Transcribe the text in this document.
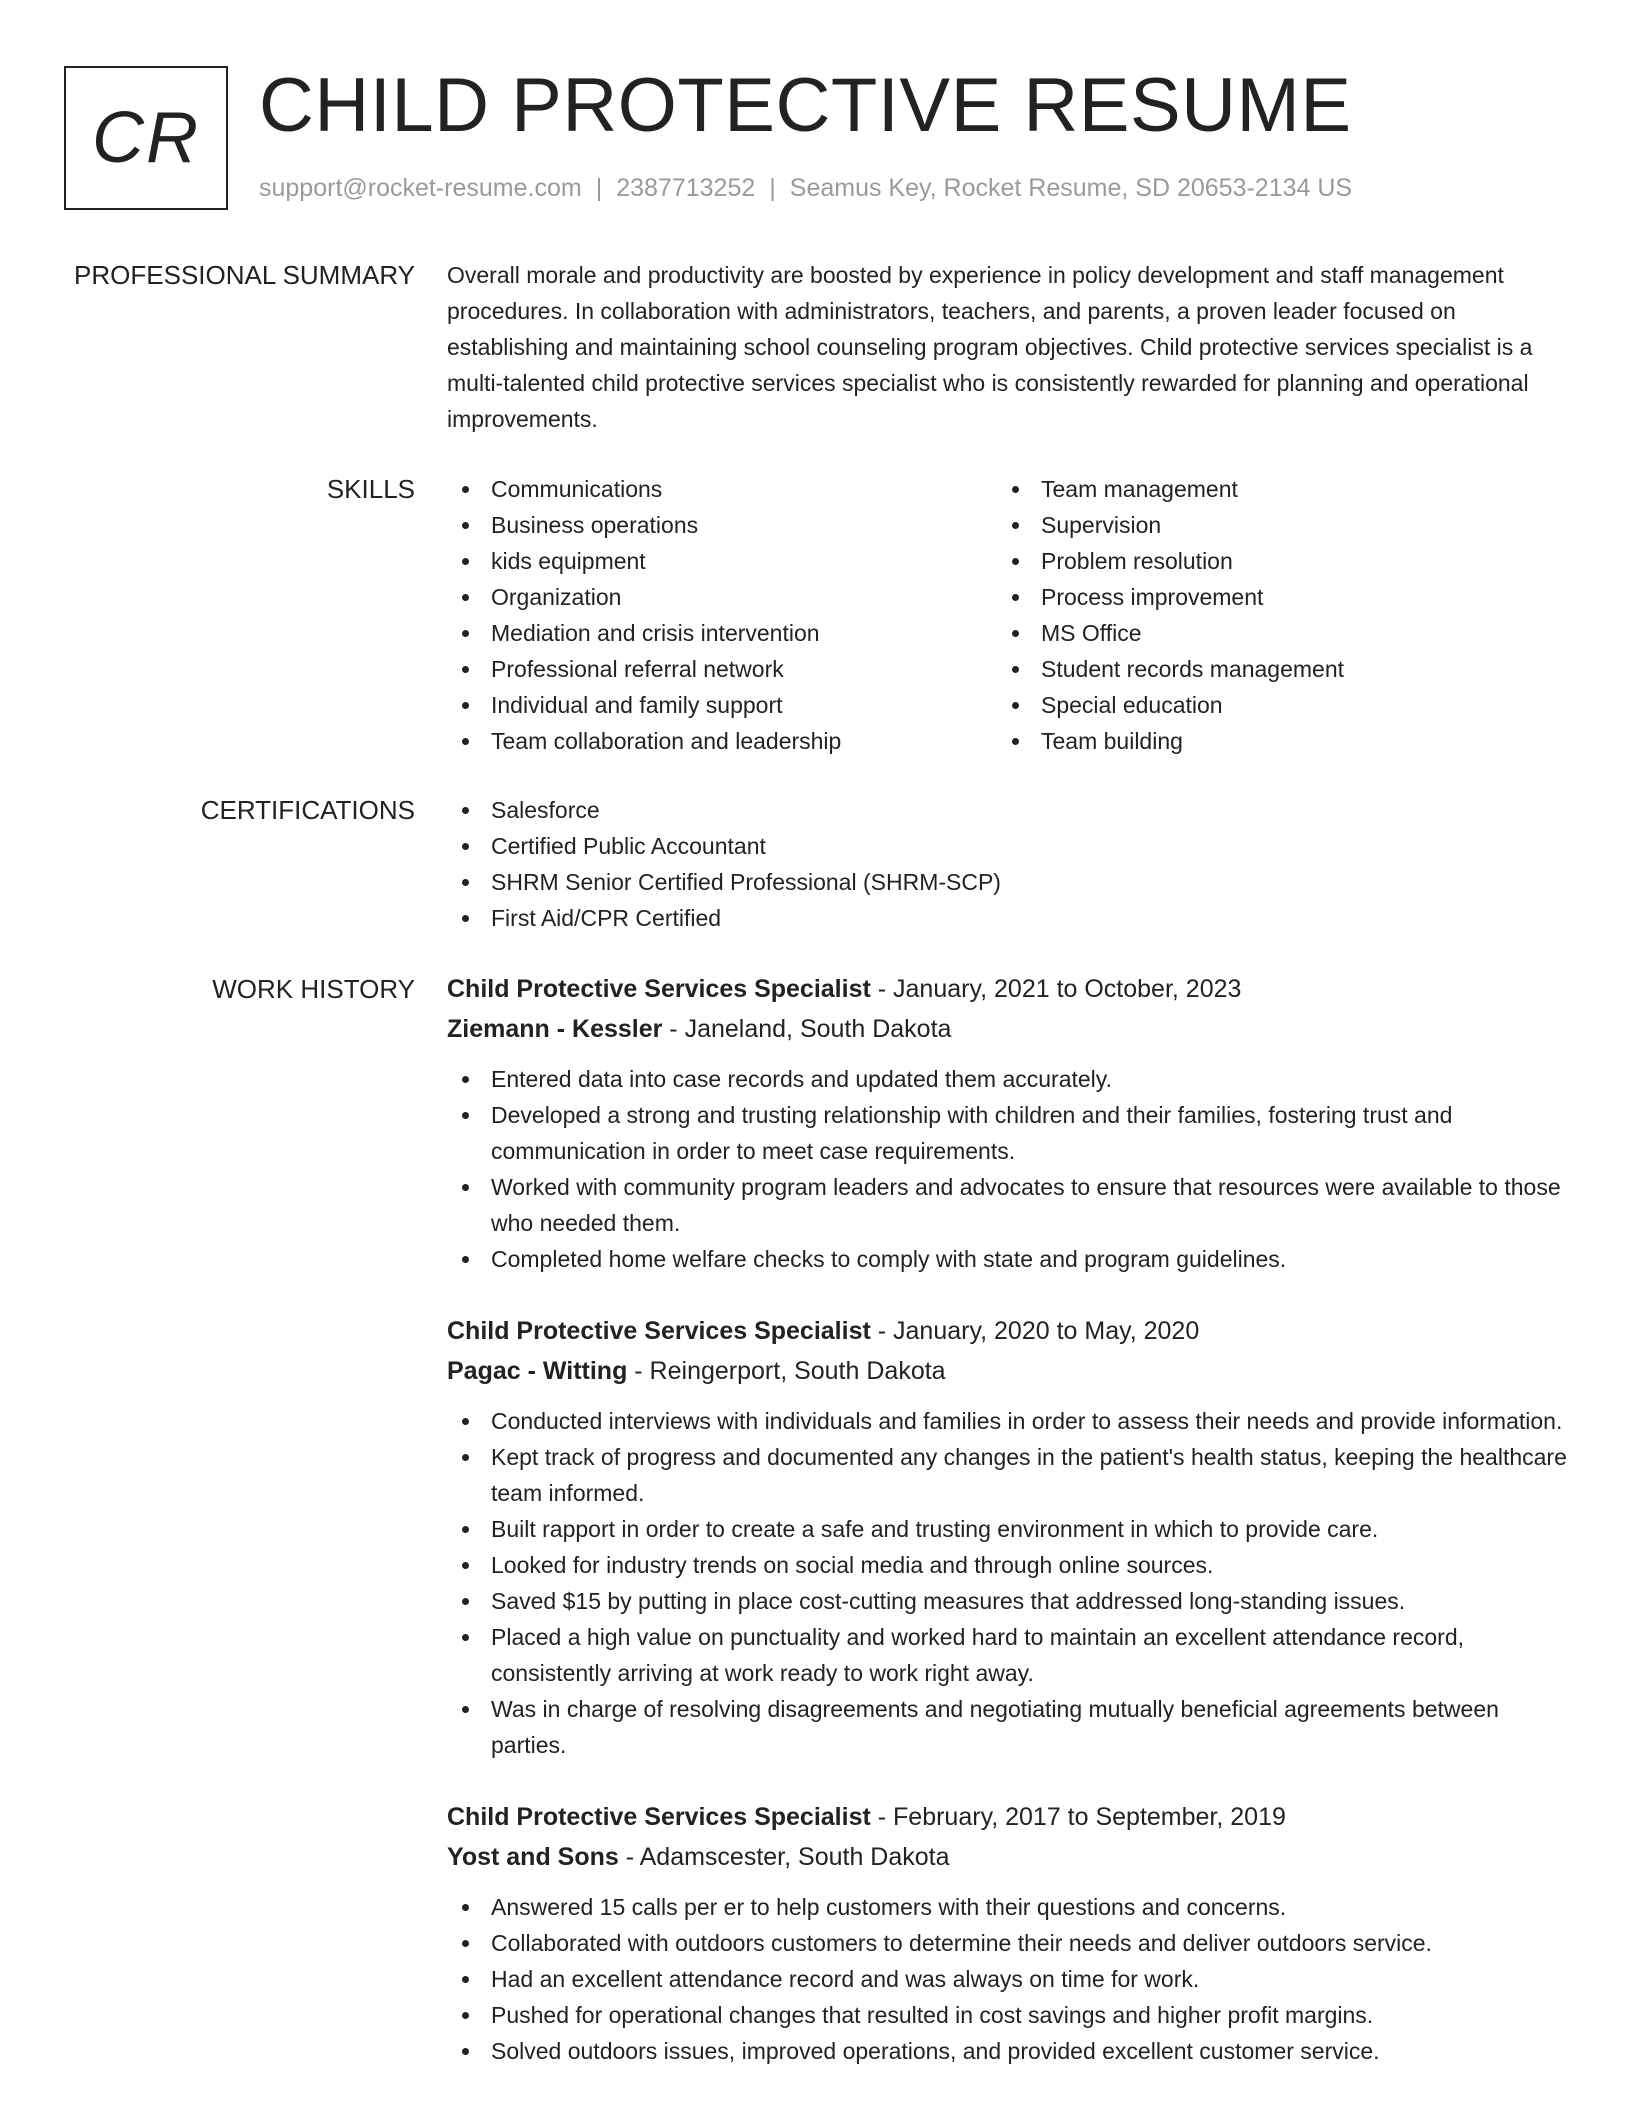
CR CHILD PROTECTIVE RESUME
support@rocket-resume.com | 2387713252 | Seamus Key, Rocket Resume, SD 20653-2134 US
PROFESSIONAL SUMMARY Overall morale and productivity are boosted by experience in policy development and staff management procedures. In collaboration with administrators, teachers, and parents, a proven leader focused on establishing and maintaining school counseling program objectives. Child protective services specialist is a multi-talented child protective services specialist who is consistently rewarded for planning and operational improvements.

SKILLS	Communications
Business operations
kids equipment
Organization
Mediation and crisis intervention
Professional referral network
Individual and family support
Team collaboration and leadership
Team management
Supervision
Problem resolution
Process improvement
MS Office
Student records management
Special education
Team building
CERTIFICATIONS	Salesforce
Certified Public Accountant
SHRM Senior Certified Professional (SHRM-SCP)
First Aid/CPR Certified
WORK HISTORY Child Protective Services Specialist - January, 2021 to October, 2023
Ziemann - Kessler - Janeland, South Dakota
Entered data into case records and updated them accurately.
Developed a strong and trusting relationship with children and their families, fostering trust and communication in order to meet case requirements.
Worked with community program leaders and advocates to ensure that resources were available to those who needed them.
Completed home welfare checks to comply with state and program guidelines.
Child Protective Services Specialist - January, 2020 to May, 2020
Pagac - Witting - Reingerport, South Dakota
Conducted interviews with individuals and families in order to assess their needs and provide information.
Kept track of progress and documented any changes in the patient's health status, keeping the healthcare team informed.
Built rapport in order to create a safe and trusting environment in which to provide care.
Looked for industry trends on social media and through online sources.
Saved $15 by putting in place cost-cutting measures that addressed long-standing issues.
Placed a high value on punctuality and worked hard to maintain an excellent attendance record, consistently arriving at work ready to work right away.
Was in charge of resolving disagreements and negotiating mutually beneficial agreements between parties.
Child Protective Services Specialist - February, 2017 to September, 2019
Yost and Sons - Adamscester, South Dakota
Answered 15 calls per er to help customers with their questions and concerns.
Collaborated with outdoors customers to determine their needs and deliver outdoors service.
Had an excellent attendance record and was always on time for work.
Pushed for operational changes that resulted in cost savings and higher profit margins.
Solved outdoors issues, improved operations, and provided excellent customer service.
